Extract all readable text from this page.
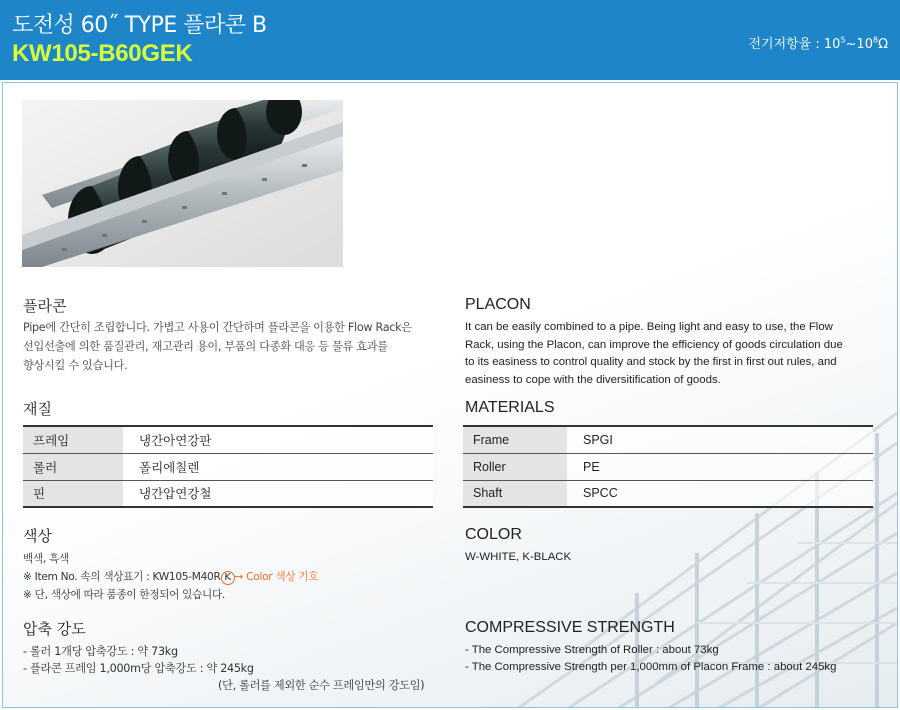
도전성 60˝ TYPE 플라콘 B
KW105-B60GEK	전기저항율 : $10^5\sim 10^8\Omega$
플라콘
Pipe에 간단히 조립합니다. 가볍고 사용이 간단하며 플라콘을 이용한 Flow Rack은
선입선출에 의한 품질관리, 재고관리 용이, 부품의 다종화 대응 등 물류 효과를
향상시킬 수 있습니다.
재질
프레임	냉간아연강판
롤러	폴리에칠렌
핀	냉간압연강철
색상
백색, 흑색
※ Item No. 속의 색상표기 : KW105-M40R K → Color 색상 기호
※ 단, 색상에 따라 품종이 한정되어 있습니다.
압축 강도
- 롤러 1개당 압축강도 : 약 73kg
- 플라콘 프레임 1,000m당 압축강도 : 약 245kg
(단, 롤러를 제외한 순수 프레임만의 강도임)
PLACON
It can be easily combined to a pipe. Being light and easy to use, the Flow
Rack, using the Placon, can improve the efficiency of goods circulation due
to its easiness to control quality and stock by the first in first out rules, and
easiness to cope with the diversitification of goods.
MATERIALS
Frame	SPGI
Roller	PE
Shaft	SPCC
COLOR
W-WHITE, K-BLACK
COMPRESSIVE STRENGTH
- The Compressive Strength of Roller : about 73kg
- The Compressive Strength per 1,000mm of Placon Frame : about 245kg
